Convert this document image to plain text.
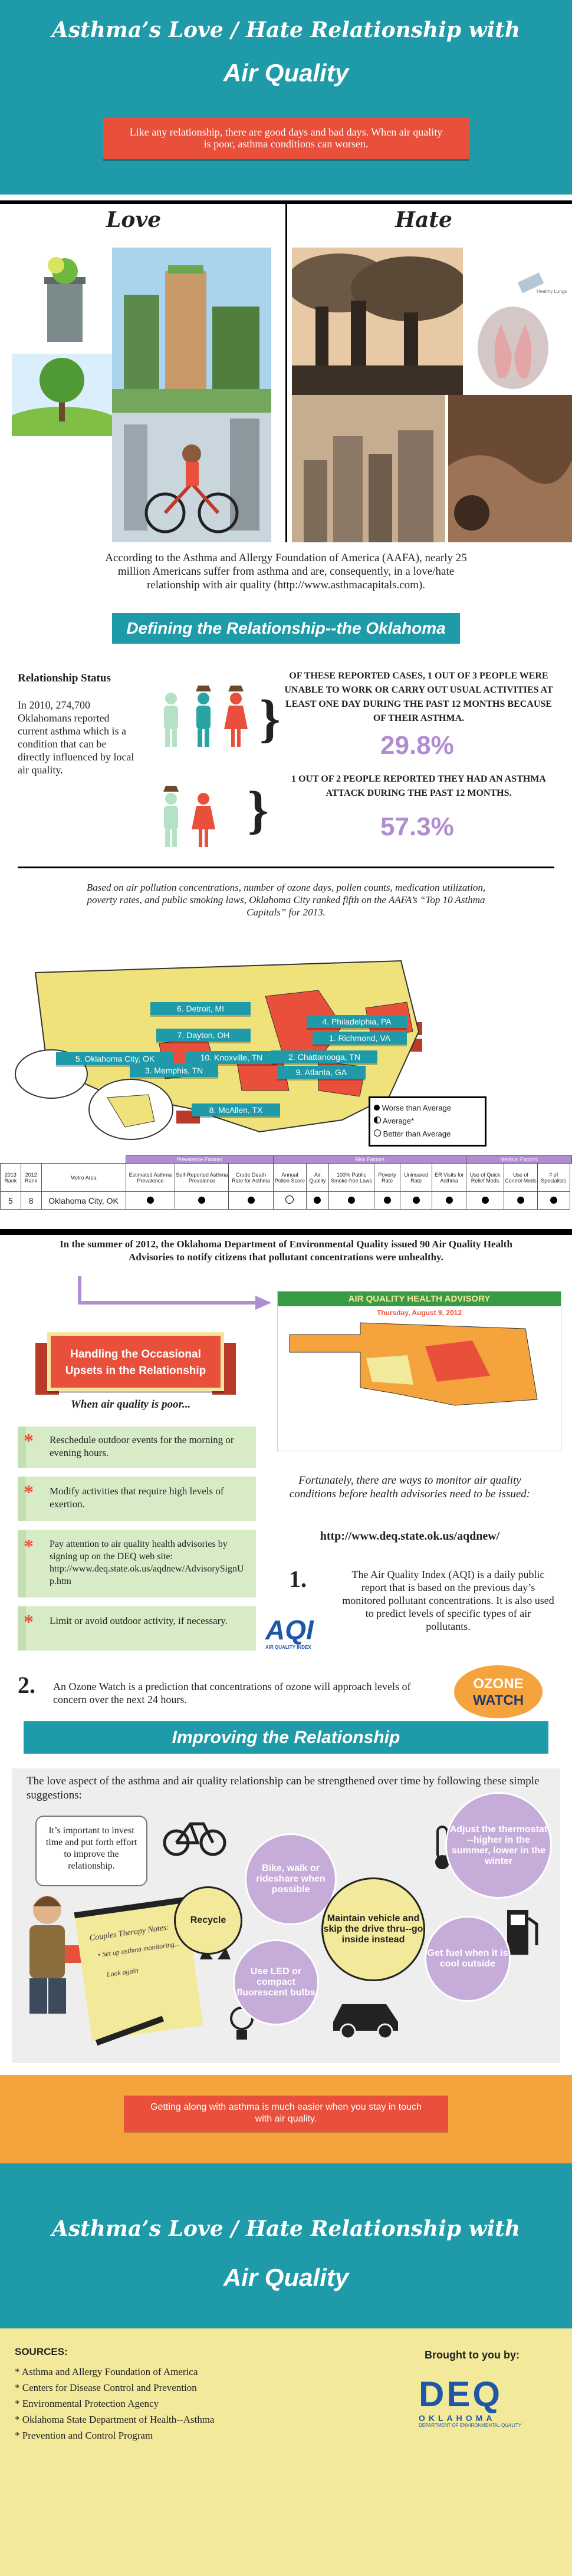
Asthma’s Love / Hate Relationship with
Air Quality
Like any relationship, there are good days and bad days. When air quality is poor, asthma conditions can worsen.
Love	Hate
Healthy Lungs
According to the Asthma and Allergy Foundation of America (AAFA), nearly 25 million Americans suffer from asthma and are, consequently, in a love/hate relationship with air quality (http://www.asthmacapitals.com).
Defining the Relationship--the Oklahoma Way
Relationship Status
In 2010, 274,700 Oklahomans reported current asthma which is a condition that can be directly influenced by local air quality.
}
}
OF THESE REPORTED CASES, 1 OUT OF 3 PEOPLE WERE UNABLE TO WORK OR CARRY OUT USUAL ACTIVITIES AT LEAST ONE DAY DURING THE PAST 12 MONTHS BECAUSE OF THEIR ASTHMA.
29.8%
1 OUT OF 2 PEOPLE REPORTED THEY HAD AN ASTHMA ATTACK DURING THE PAST 12 MONTHS.
57.3%
Based on air pollution concentrations, number of ozone days, pollen counts, medication utilization, poverty rates, and public smoking laws, Oklahoma City ranked fifth on the AAFA’s “Top 10 Asthma Capitals” for 2013.
6. Detroit, MI
7. Dayton, OH
5. Oklahoma City, OK	10. Knoxville, TN
3. Memphis, TN
8. McAllen, TX
4. Philadelphia, PA
1. Richmond, VA
2. Chattanooga, TN
9. Atlanta, GA
Worse than Average
Average*
Better than Average
			Prevalence Factors			Risk Factors						Medical Factors			
2013 Rank	2012 Rank	Metro Area	Estimated Asthma Prevalence	Self-Reported Asthma Prevalence	Crude Death Rate for Asthma	Annual Pollen Score	Air Quality	100% Public Smoke-free Laws	Poverty Rate	Uninsured Rate	ER Visits for Asthma	Use of Quick Relief Meds	Use of Control Meds	# of Specialists	
5	8	Oklahoma City, OK													
In the summer of 2012, the Oklahoma Department of Environmental Quality issued 90 Air Quality Health Advisories to notify citizens that pollutant concentrations were unhealthy.
AIR QUALITY HEALTH ADVISORY
Thursday, August 9, 2012
Handling the Occasional
Upsets in the Relationship
When air quality is poor...
* Reschedule outdoor events for the morning or evening hours.
* Modify activities that require high levels of exertion.
* Pay attention to air quality health advisories by signing up on the DEQ web site: http://www.deq.state.ok.us/aqdnew/AdvisorySignUp.htm
* Limit or avoid outdoor activity, if necessary.
Fortunately, there are ways to monitor air quality conditions before health advisories need to be issued:
http://www.deq.state.ok.us/aqdnew/
1.
AQI
AIR QUALITY INDEX
The Air Quality Index (AQI) is a daily public report that is based on the previous day’s monitored pollutant concentrations. It is also used to predict levels of specific types of air pollutants.
2. An Ozone Watch is a prediction that concentrations of ozone will approach levels of concern over the next 24 hours.
OZONE
WATCH
Improving the Relationship
The love aspect of the asthma and air quality relationship can be strengthened over time by following these simple suggestions:
It’s important to invest time and put forth effort to improve the relationship.
Couples Therapy Notes:
• Set up asthma monitoring...
Look again
Bike, walk or rideshare when possible
Adjust the thermostat --higher in the summer, lower in the winter
Recycle	Maintain vehicle and skip the drive thru--go inside instead
Use LED or compact fluorescent bulbs
Get fuel when it is cool outside
Getting along with asthma is much easier when you stay in touch with air quality.
Asthma’s Love / Hate Relationship with
Air Quality
SOURCES:
* Asthma and Allergy Foundation of America
* Centers for Disease Control and Prevention
* Environmental Protection Agency
* Oklahoma State Department of Health--Asthma
* Prevention and Control Program
Brought to you by:
DEQ
OKLAHOMA
DEPARTMENT OF ENVIRONMENTAL QUALITY
